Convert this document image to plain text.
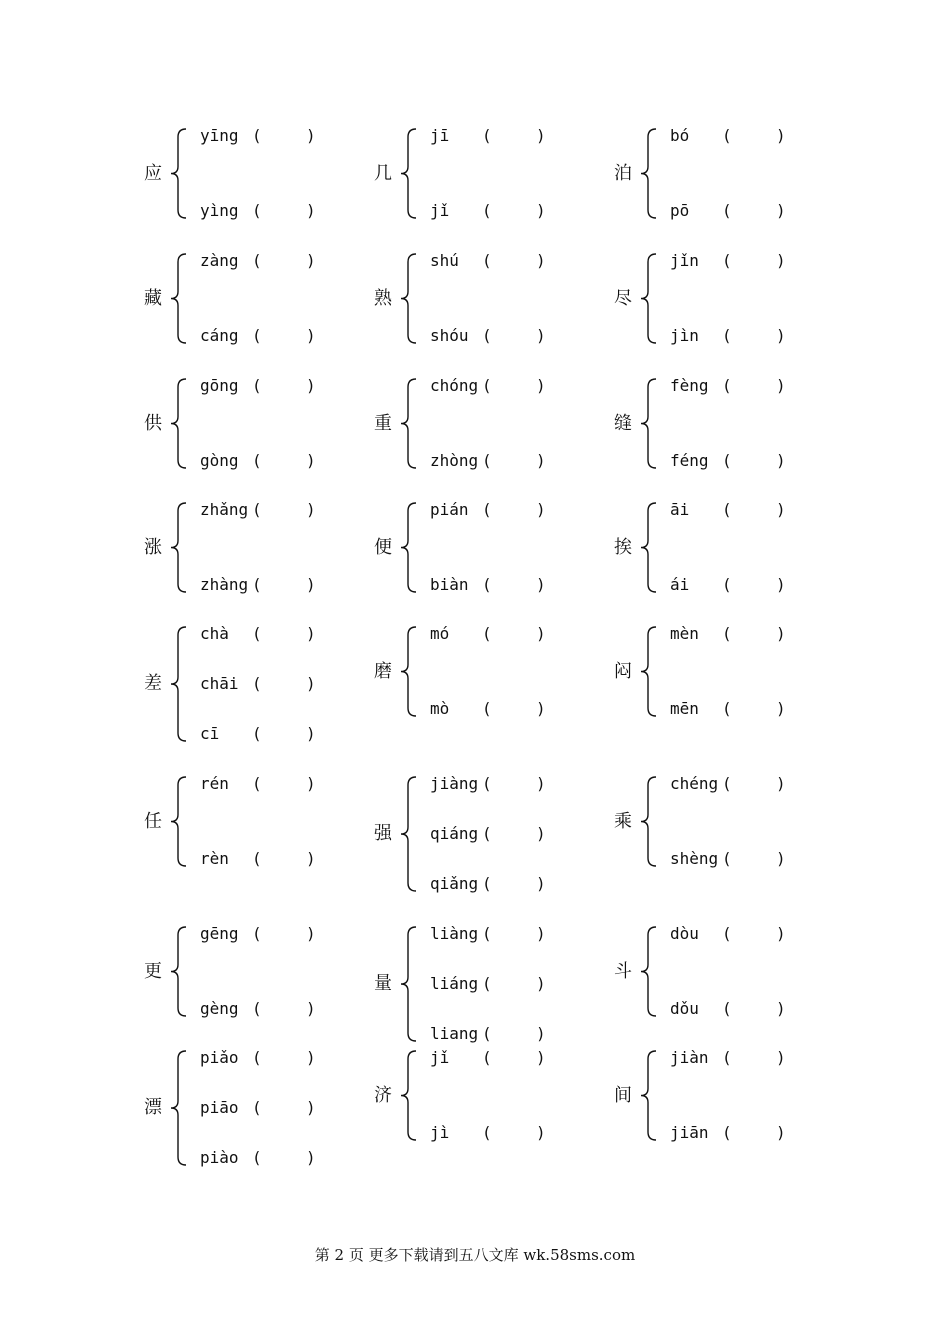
应
yīng (	)
yìng (	)
几
jī (	)
jǐ (	)
泊
bó (	)
pō (	)
藏
zàng (	)
cáng (	)
熟
shú (	)
shóu (	)
尽
jǐn (	)
jìn (	)
供
gōng (	)
gòng (	)
重
chóng (	)
zhòng (	)
缝
fèng (	)
féng (	)
涨
zhǎng (	)
zhàng (	)
便
pián (	)
biàn (	)
挨
āi (	)
ái (	)
差
chà (	)
chāi (	)
cī (	)
磨
mó (	)
mò (	)
闷
mèn (	)
mēn (	)
任
rén (	)
rèn (	)
强
jiàng (	)
qiáng (	)
qiǎng (	)
乘
chéng (	)
shèng (	)
更
gēng (	)
gèng (	)
量
liàng (	)
liáng (	)
liang (	)
斗
dòu (	)
dǒu (	)
漂
piǎo (	)
piāo (	)
piào (	)
济
jǐ (	)
jì (	)
间
jiàn (	)
jiān (	)
第 2 页 更多下载请到五八文库 wk.58sms.com
